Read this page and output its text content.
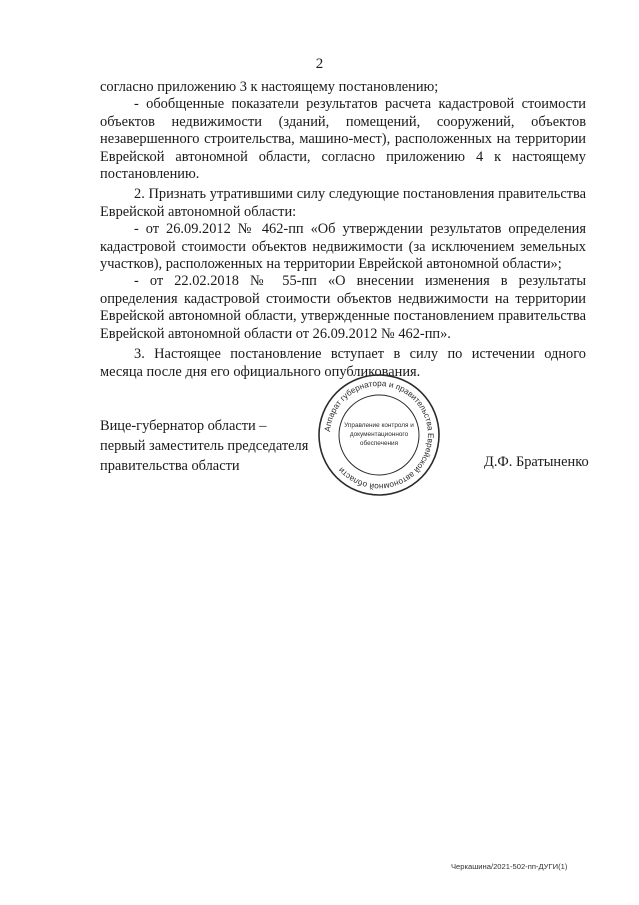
2

согласно приложению 3 к настоящему постановлению;

- обобщенные показатели результатов расчета кадастровой стоимости объектов недвижимости (зданий, помещений, сооружений, объектов незавершенного строительства, машино-мест), расположенных на территории Еврейской автономной области, согласно приложению 4 к настоящему постановлению.

2. Признать утратившими силу следующие постановления правительства Еврейской автономной области:

- от 26.09.2012 № 462-пп «Об утверждении результатов определения кадастровой стоимости объектов недвижимости (за исключением земельных участков), расположенных на территории Еврейской автономной области»;

- от 22.02.2018 № 55-пп «О внесении изменения в результаты определения кадастровой стоимости объектов недвижимости на территории Еврейской автономной области, утвержденные постановлением правительства Еврейской автономной области от 26.09.2012 № 462-пп».

3. Настоящее постановление вступает в силу по истечении одного месяца после дня его официального опубликования.

Вице-губернатор области –
первый заместитель председателя
правительства области	Д.Ф. Братыненко
Аппарат губернатора и правительства Еврейской автономной области
Управление контроля и
документационного
обеспечения
Черкашина/2021-502-пп-ДУГИ(1)
